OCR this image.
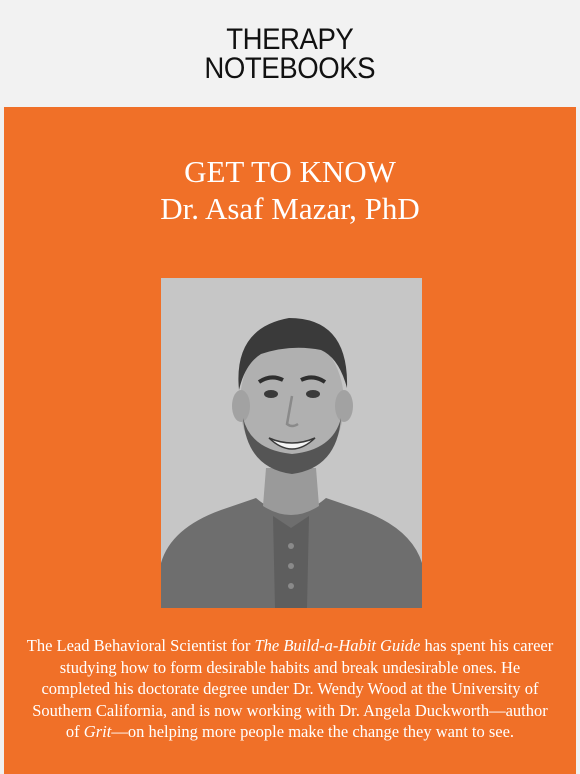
THERAPY
NOTEBOOKS
GET TO KNOW
Dr. Asaf Mazar, PhD

The Lead Behavioral Scientist for The Build-a-Habit Guide has spent his career studying how to form desirable habits and break undesirable ones. He completed his doctorate degree under Dr. Wendy Wood at the University of Southern California, and is now working with Dr. Angela Duckworth—author of Grit—on helping more people make the change they want to see.
